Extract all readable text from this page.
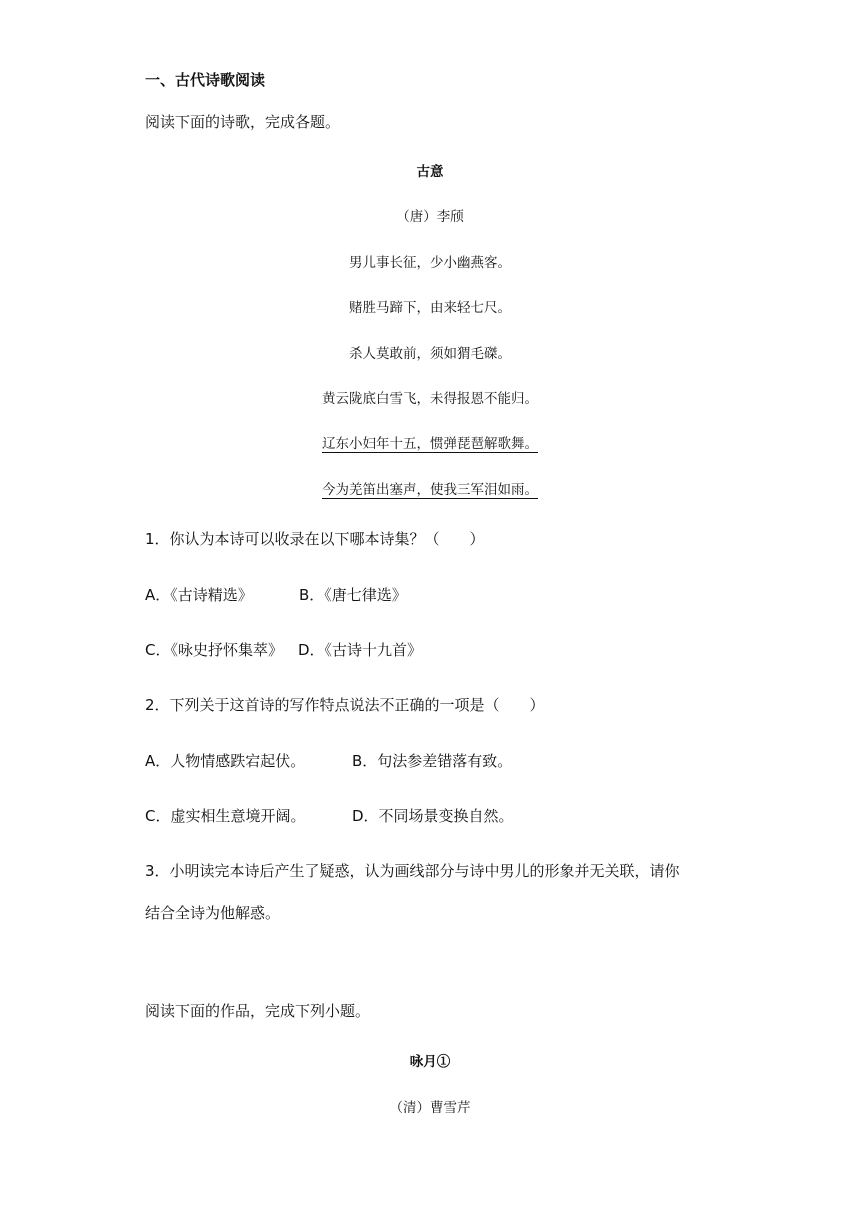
一、古代诗歌阅读
阅读下面的诗歌，完成各题。
古意
（唐）李颀
男儿事长征，少小幽燕客。
赌胜马蹄下，由来轻七尺。
杀人莫敢前，须如猬毛磔。
黄云陇底白雪飞，未得报恩不能归。
辽东小妇年十五，惯弹琵琶解歌舞。
今为羌笛出塞声，使我三军泪如雨。
1．你认为本诗可以收录在以下哪本诗集？（　　）
A．《古诗精选》	B．《唐七律选》
C．《咏史抒怀集萃》 D．《古诗十九首》
2．下列关于这首诗的写作特点说法不正确的一项是（　　）
A．人物情感跌宕起伏。	B．句法参差错落有致。
C．虚实相生意境开阔。	D．不同场景变换自然。
3．小明读完本诗后产生了疑惑，认为画线部分与诗中男儿的形象并无关联，请你
结合全诗为他解惑。
阅读下面的作品，完成下列小题。
咏月①
（清）曹雪芹
